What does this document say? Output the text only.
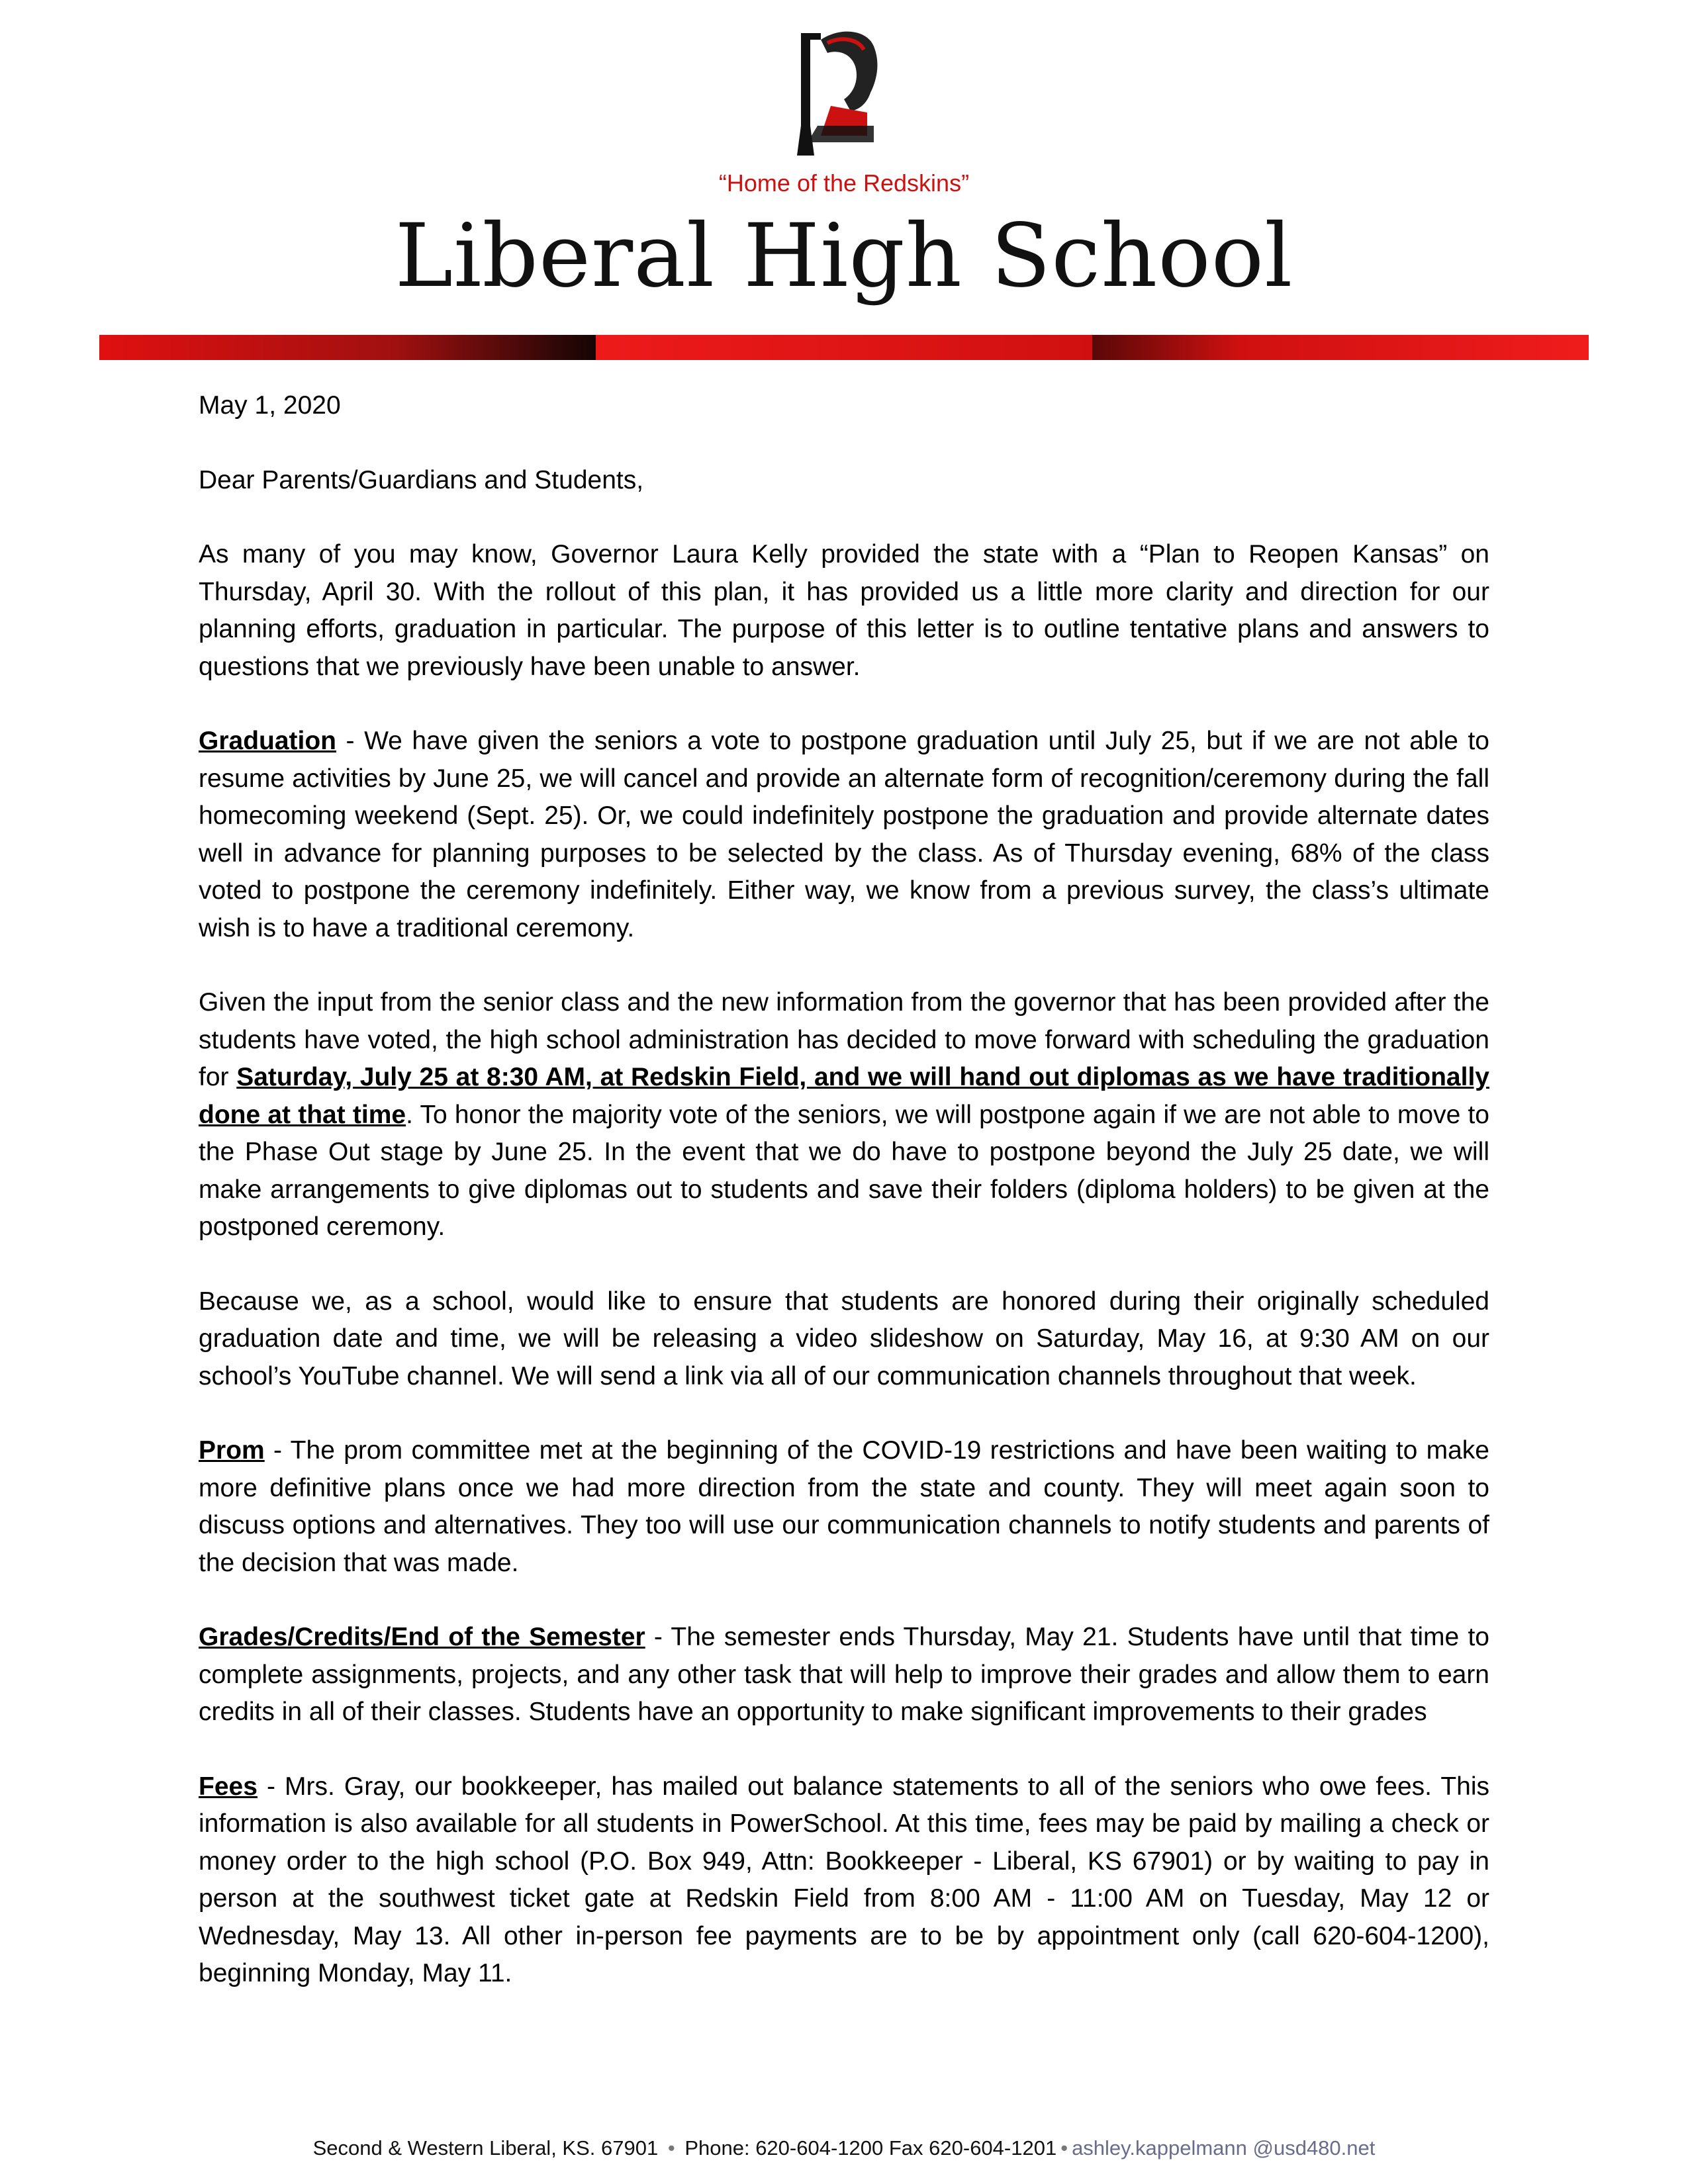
“Home of the Redskins”
Liberal High School

May 1, 2020

Dear Parents/Guardians and Students,

As many of you may know, Governor Laura Kelly provided the state with a “Plan to Reopen Kansas” on Thursday, April 30. With the rollout of this plan, it has provided us a little more clarity and direction for our planning efforts, graduation in particular. The purpose of this letter is to outline tentative plans and answers to questions that we previously have been unable to answer.

Graduation - We have given the seniors a vote to postpone graduation until July 25, but if we are not able to resume activities by June 25, we will cancel and provide an alternate form of recognition/ceremony during the fall homecoming weekend (Sept. 25). Or, we could indefinitely postpone the graduation and provide alternate dates well in advance for planning purposes to be selected by the class. As of Thursday evening, 68% of the class voted to postpone the ceremony indefinitely. Either way, we know from a previous survey, the class’s ultimate wish is to have a traditional ceremony.

Given the input from the senior class and the new information from the governor that has been provided after the students have voted, the high school administration has decided to move forward with scheduling the graduation for Saturday, July 25 at 8:30 AM, at Redskin Field, and we will hand out diplomas as we have traditionally done at that time. To honor the majority vote of the seniors, we will postpone again if we are not able to move to the Phase Out stage by June 25. In the event that we do have to postpone beyond the July 25 date, we will make arrangements to give diplomas out to students and save their folders (diploma holders) to be given at the postponed ceremony.

Because we, as a school, would like to ensure that students are honored during their originally scheduled graduation date and time, we will be releasing a video slideshow on Saturday, May 16, at 9:30 AM on our school’s YouTube channel. We will send a link via all of our communication channels throughout that week.

Prom - The prom committee met at the beginning of the COVID-19 restrictions and have been waiting to make more definitive plans once we had more direction from the state and county. They will meet again soon to discuss options and alternatives. They too will use our communication channels to notify students and parents of the decision that was made.

Grades/Credits/End of the Semester - The semester ends Thursday, May 21. Students have until that time to complete assignments, projects, and any other task that will help to improve their grades and allow them to earn credits in all of their classes. Students have an opportunity to make significant improvements to their grades

Fees - Mrs. Gray, our bookkeeper, has mailed out balance statements to all of the seniors who owe fees. This information is also available for all students in PowerSchool. At this time, fees may be paid by mailing a check or money order to the high school (P.O. Box 949, Attn: Bookkeeper - Liberal, KS 67901) or by waiting to pay in person at the southwest ticket gate at Redskin Field from 8:00 AM - 11:00 AM on Tuesday, May 12 or Wednesday, May 13. All other in-person fee payments are to be by appointment only (call 620-604-1200), beginning Monday, May 11.

Second & Western Liberal, KS. 67901 • Phone: 620-604-1200 Fax 620-604-1201 • ashley.kappelmann @usd480.net
